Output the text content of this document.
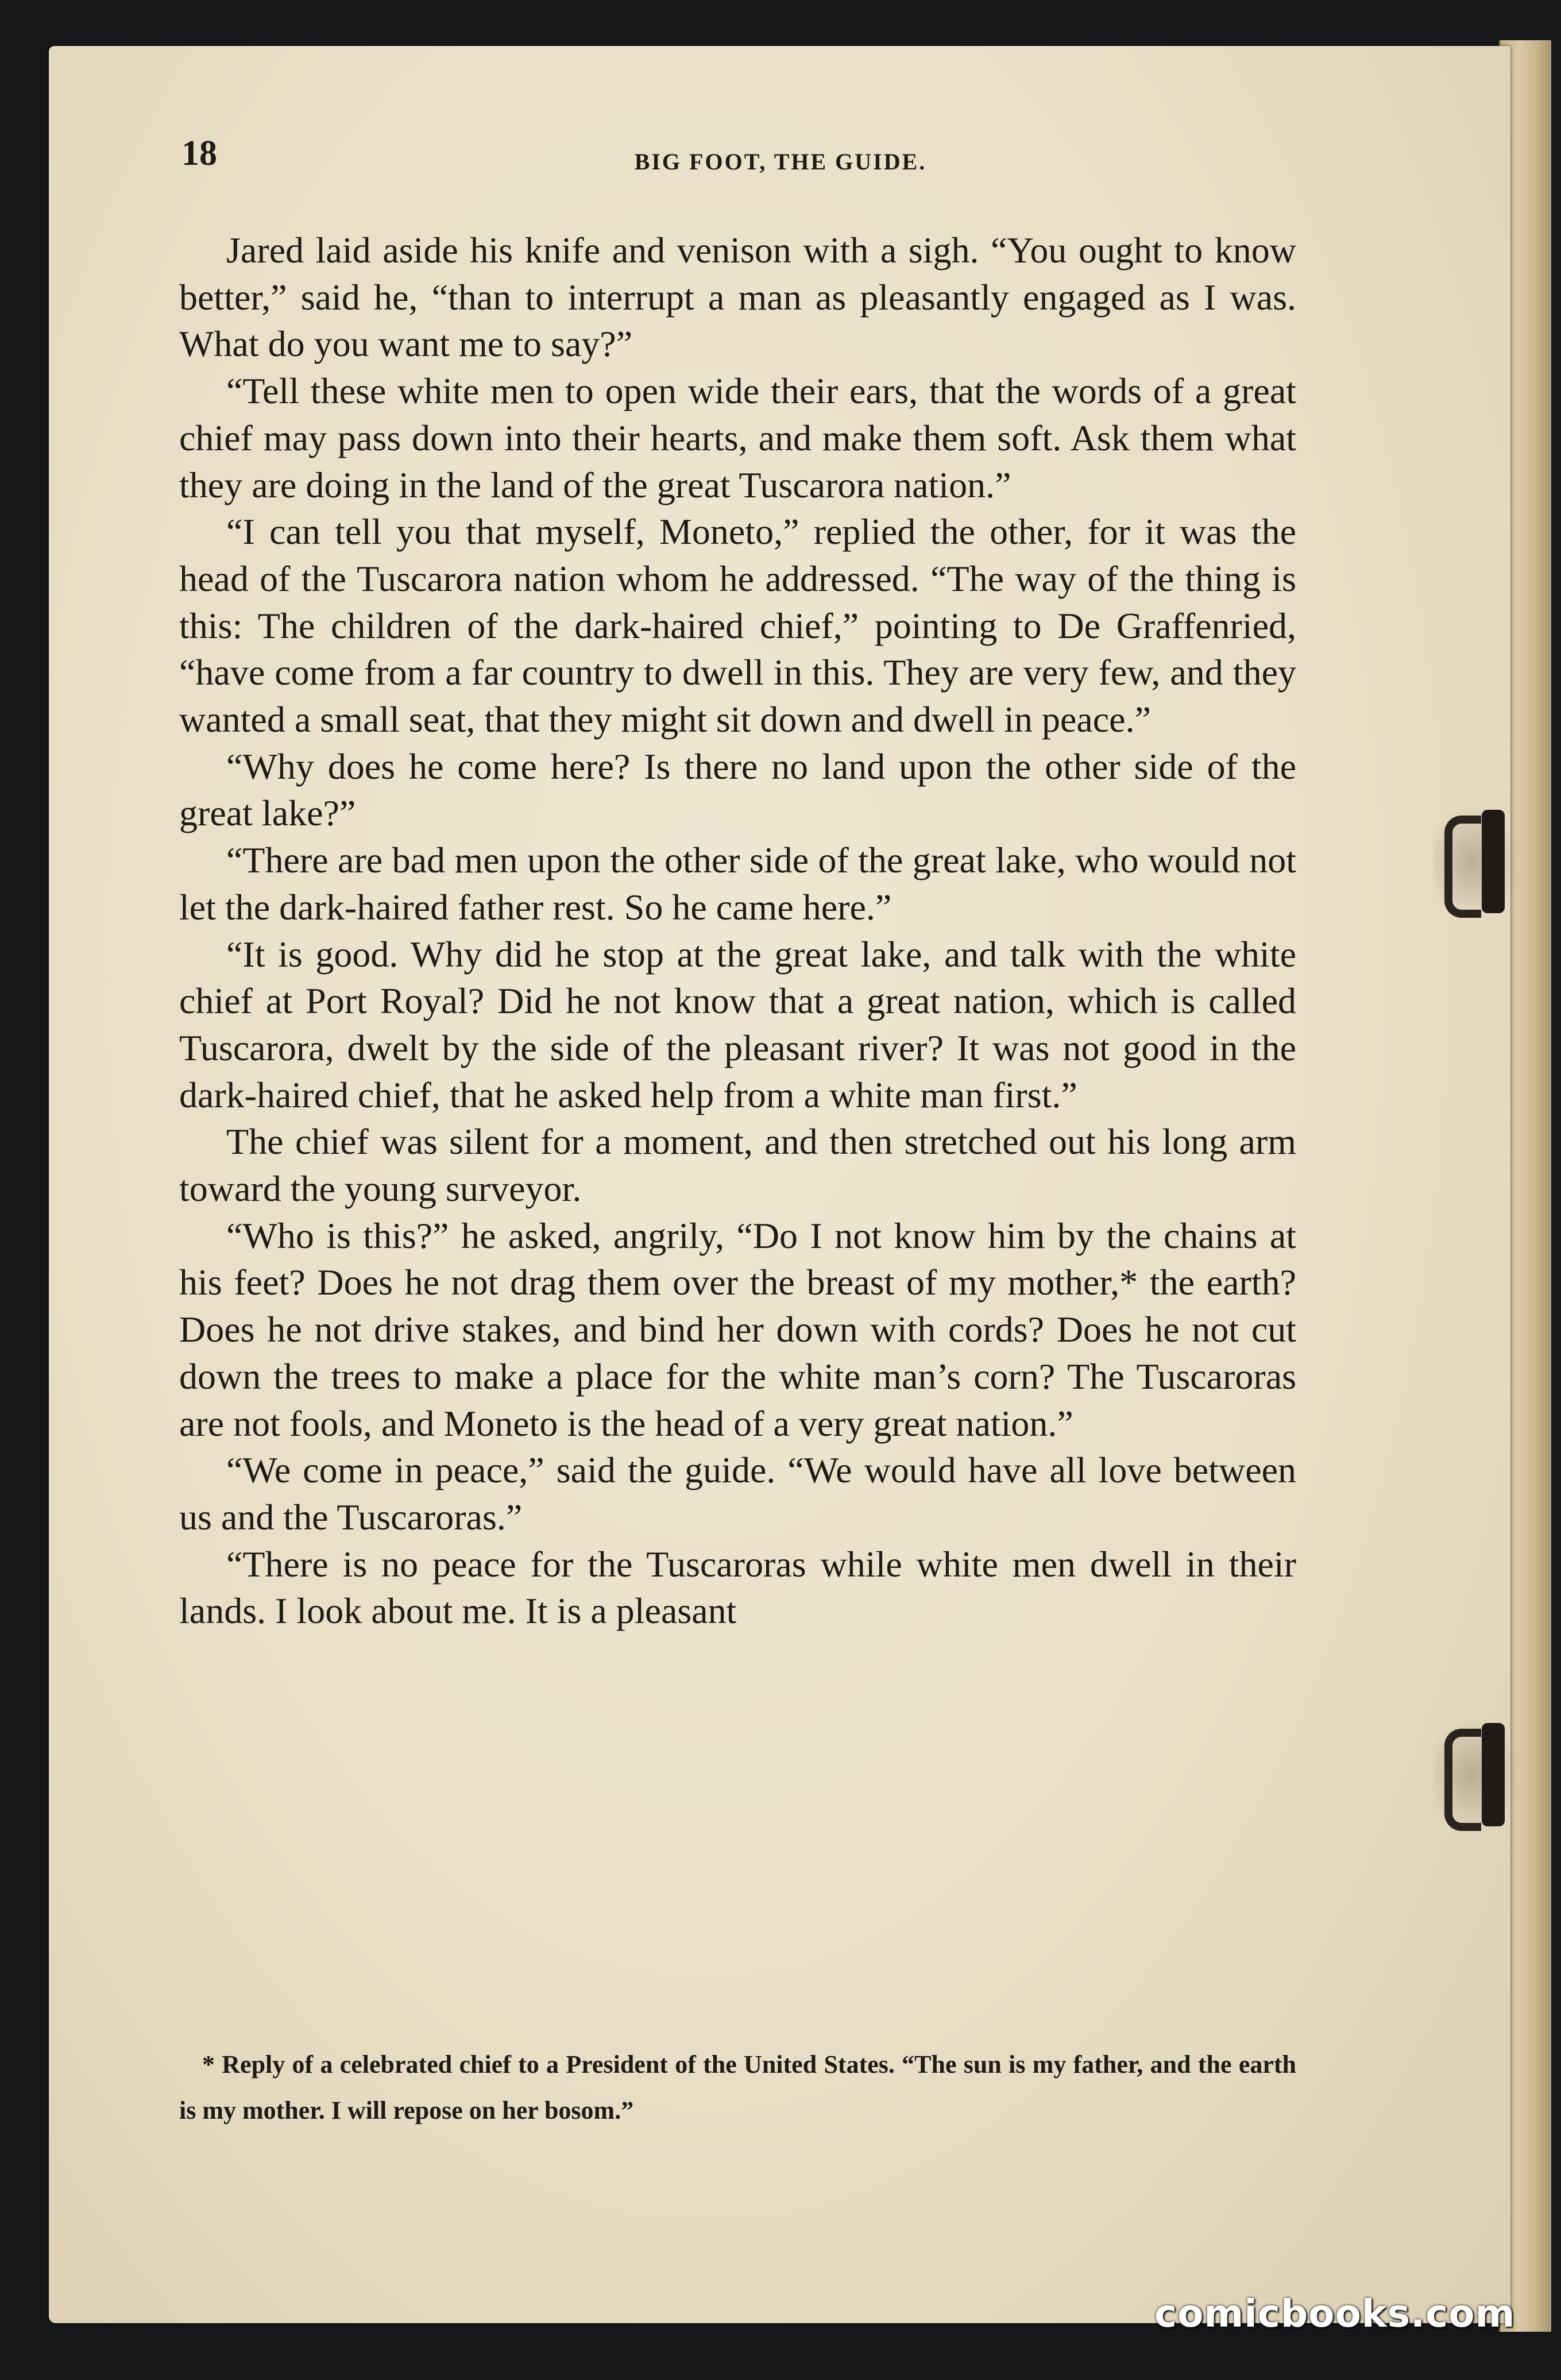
18	BIG FOOT, THE GUIDE.

Jared laid aside his knife and venison with a sigh. “You ought to know better,” said he, “than to interrupt a man as pleasantly engaged as I was. What do you want me to say?”

“Tell these white men to open wide their ears, that the words of a great chief may pass down into their hearts, and make them soft. Ask them what they are doing in the land of the great Tuscarora nation.”

“I can tell you that myself, Moneto,” replied the other, for it was the head of the Tuscarora nation whom he addressed. “The way of the thing is this: The children of the dark-haired chief,” pointing to De Graffenried, “have come from a far country to dwell in this. They are very few, and they wanted a small seat, that they might sit down and dwell in peace.”

“Why does he come here? Is there no land upon the other side of the great lake?”

“There are bad men upon the other side of the great lake, who would not let the dark-haired father rest. So he came here.”

“It is good. Why did he stop at the great lake, and talk with the white chief at Port Royal? Did he not know that a great nation, which is called Tuscarora, dwelt by the side of the pleasant river? It was not good in the dark-haired chief, that he asked help from a white man first.”

The chief was silent for a moment, and then stretched out his long arm toward the young surveyor.

“Who is this?” he asked, angrily, “Do I not know him by the chains at his feet? Does he not drag them over the breast of my mother,* the earth? Does he not drive stakes, and bind her down with cords? Does he not cut down the trees to make a place for the white man’s corn? The Tuscaroras are not fools, and Moneto is the head of a very great nation.”

“We come in peace,” said the guide. “We would have all love between us and the Tuscaroras.”

“There is no peace for the Tuscaroras while white men dwell in their lands. I look about me. It is a pleasant

* Reply of a celebrated chief to a President of the United States. “The sun is my father, and the earth is my mother. I will repose on her bosom.”

comicbooks.com
